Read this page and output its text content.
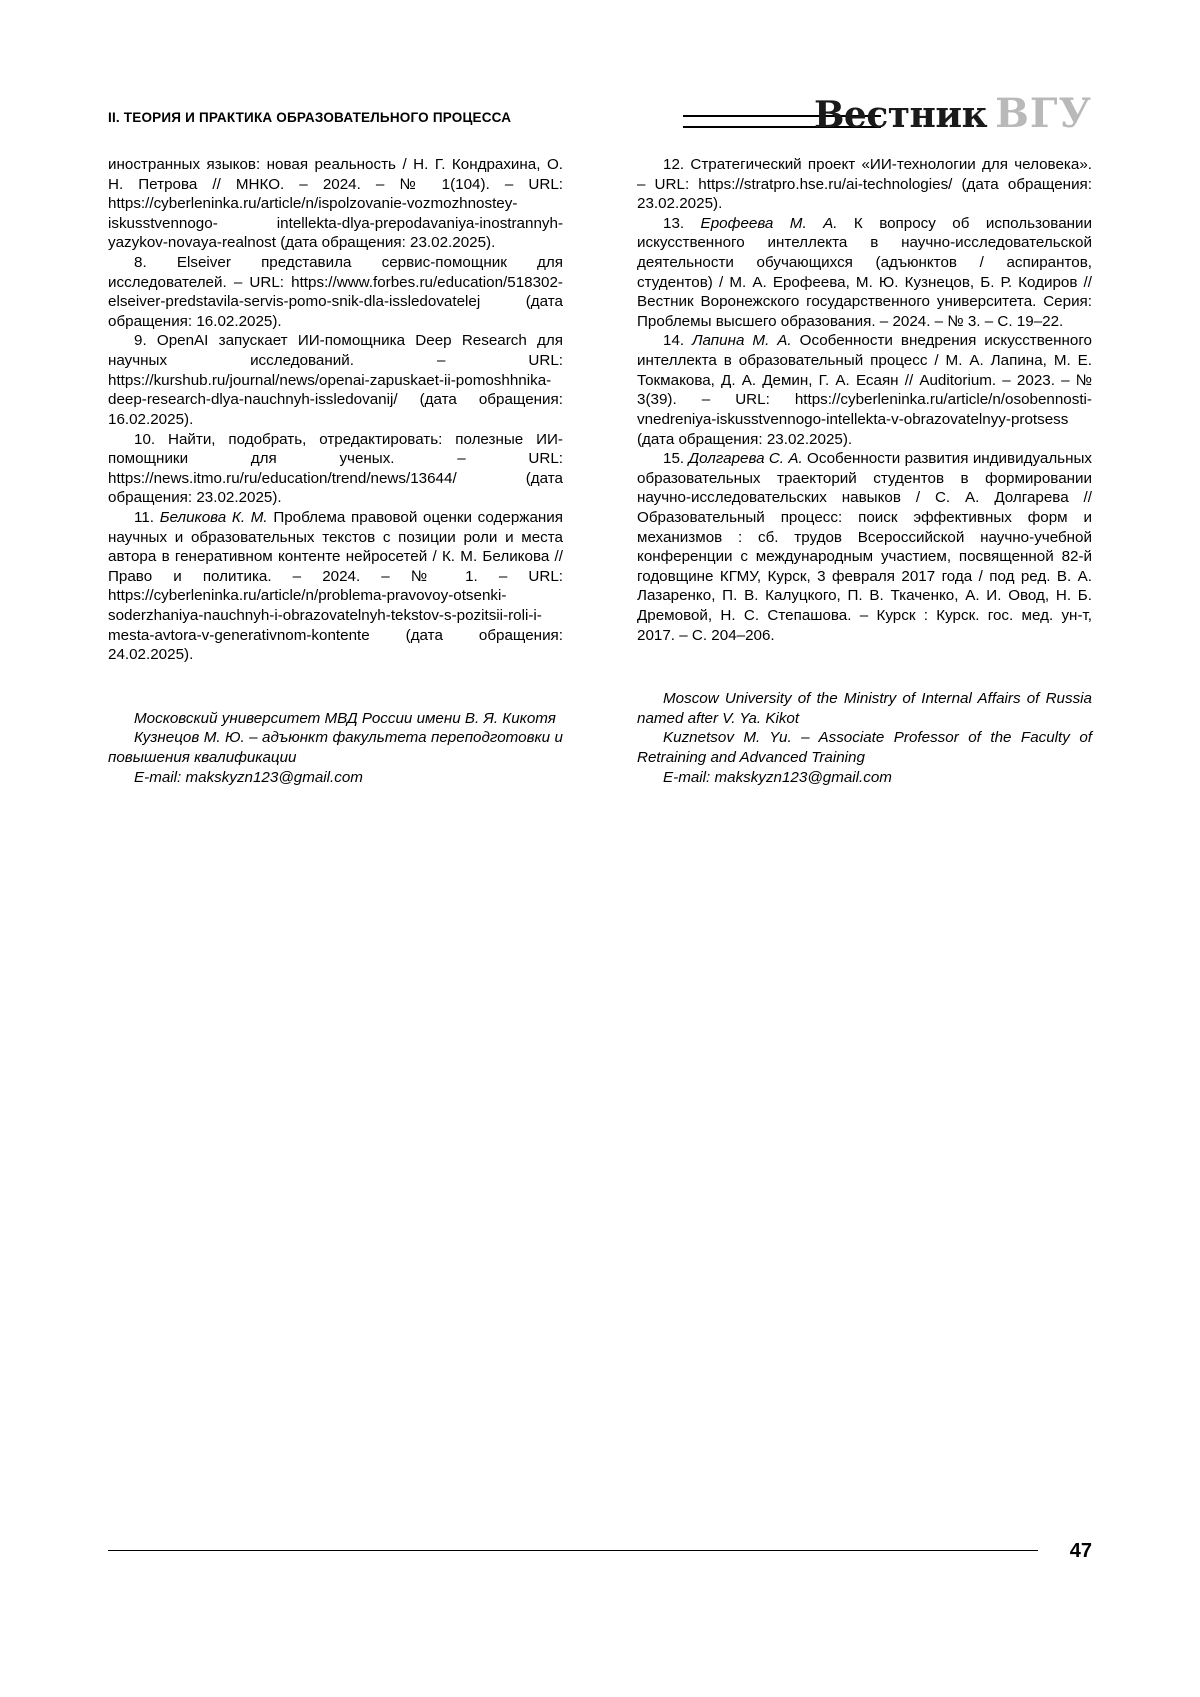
II. ТЕОРИЯ И ПРАКТИКА ОБРАЗОВАТЕЛЬНОГО ПРОЦЕССА	Вестник ВГУ

иностранных языков: новая реальность / Н. Г. Кондрахина, О. Н. Петрова // МНКО. – 2024. – № 1(104). – URL: https://cyberleninka.ru/article/n/ispolzovanie-vozmozhnostey-iskusstvennogo- intellekta-dlya-prepodavaniya-inostrannyh-yazykov-novaya-realnost (дата обращения: 23.02.2025).

8. Elseiver представила сервис-помощник для исследователей. – URL: https://www.forbes.ru/education/518302-elseiver-predstavila-servis-pomo-snik-dla-issledovatelej (дата обращения: 16.02.2025).

9. OpenAI запускает ИИ-помощника Deep Research для научных исследований. – URL: https://kurshub.ru/journal/news/openai-zapuskaet-ii-pomoshhnika-deep-research-dlya-nauchnyh-issledovanij/ (дата обращения: 16.02.2025).

10. Найти, подобрать, отредактировать: полезные ИИ-помощники для ученых. – URL: https://news.itmo.ru/ru/education/trend/news/13644/ (дата обращения: 23.02.2025).

11. Беликова К. М. Проблема правовой оценки содержания научных и образовательных текстов с позиции роли и места автора в генеративном контенте нейросетей / К. М. Беликова // Право и политика. – 2024. – № 1. – URL: https://cyberleninka.ru/article/n/problema-pravovoy-otsenki-soderzhaniya-nauchnyh-i-obrazovatelnyh-tekstov-s-pozitsii-roli-i-mesta-avtora-v-generativnom-kontente (дата обращения: 24.02.2025).

Московский университет МВД России имени В. Я. Кикотя

Кузнецов М. Ю. – адъюнкт факультета переподготовки и повышения квалификации

E-mail: makskyzn123@gmail.com

12. Стратегический проект «ИИ-технологии для человека». – URL: https://stratpro.hse.ru/ai-technologies/ (дата обращения: 23.02.2025).

13. Ерофеева М. А. К вопросу об использовании искусственного интеллекта в научно-исследовательской деятельности обучающихся (адъюнктов / аспирантов, студентов) / М. А. Ерофеева, М. Ю. Кузнецов, Б. Р. Кодиров // Вестник Воронежского государственного университета. Серия: Проблемы высшего образования. – 2024. – № 3. – С. 19–22.

14. Лапина М. А. Особенности внедрения искусственного интеллекта в образовательный процесс / М. А. Лапина, М. Е. Токмакова, Д. А. Демин, Г. А. Есаян // Auditorium. – 2023. – № 3(39). – URL: https://cyberleninka.ru/article/n/osobennosti-vnedreniya-iskusstvennogo-intellekta-v-obrazovatelnyy-protsess (дата обращения: 23.02.2025).

15. Долгарева С. А. Особенности развития индивидуальных образовательных траекторий студентов в формировании научно-исследовательских навыков / С. А. Долгарева // Образовательный процесс: поиск эффективных форм и механизмов : сб. трудов Всероссийской научно-учебной конференции с международным участием, посвященной 82-й годовщине КГМУ, Курск, 3 февраля 2017 года / под ред. В. А. Лазаренко, П. В. Калуцкого, П. В. Ткаченко, А. И. Овод, Н. Б. Дремовой, Н. С. Степашова. – Курск : Курск. гос. мед. ун-т, 2017. – С. 204–206.

Moscow University of the Ministry of Internal Affairs of Russia named after V. Ya. Kikot

Kuznetsov M. Yu. – Associate Professor of the Faculty of Retraining and Advanced Training

E-mail: makskyzn123@gmail.com

47
